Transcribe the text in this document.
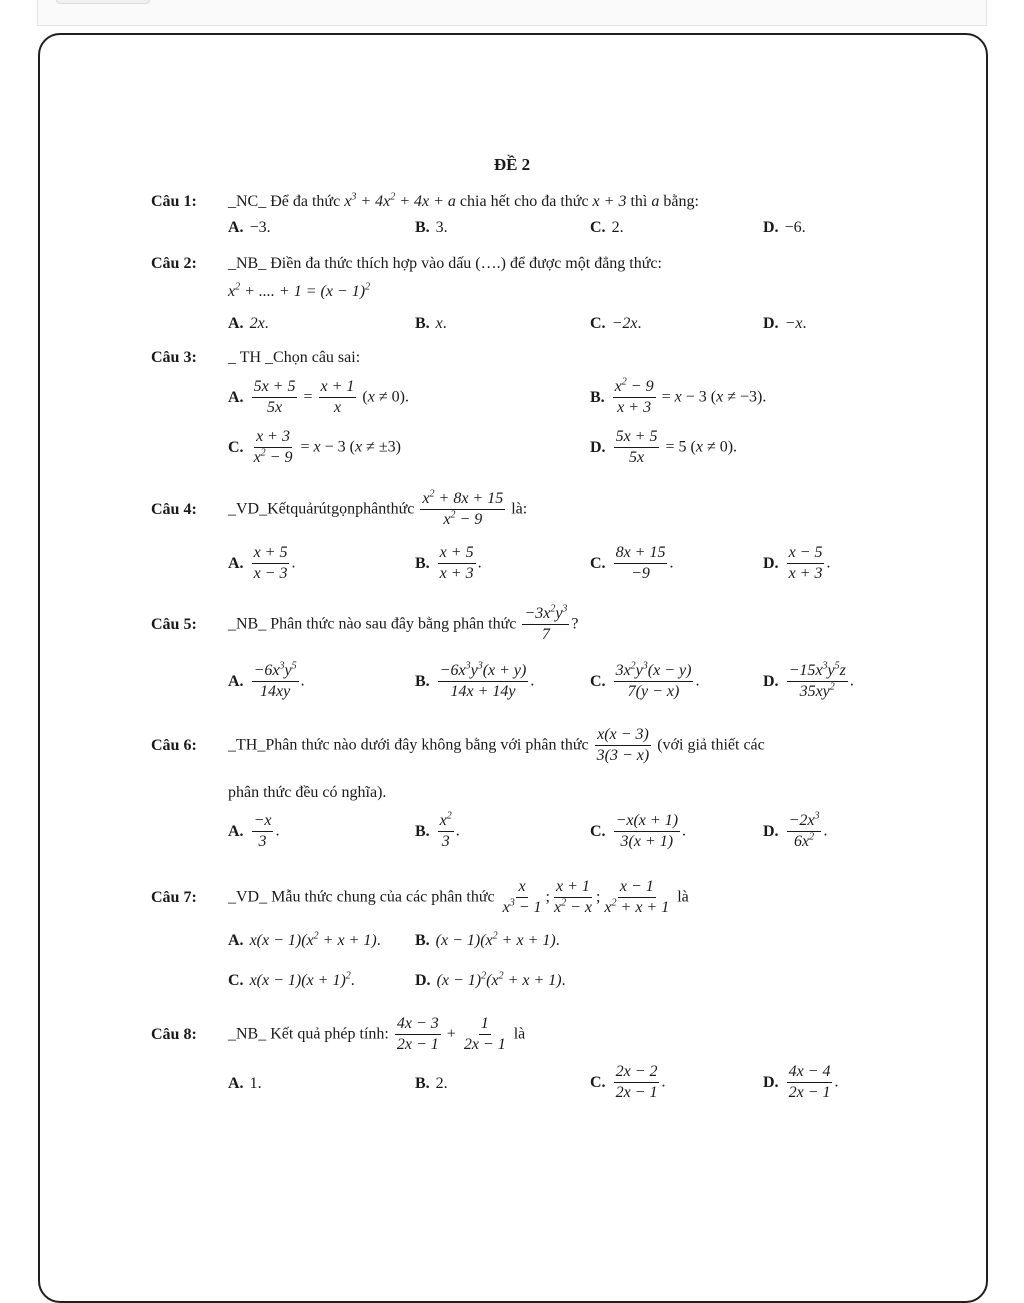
ĐỀ 2
Câu 1: _NC_ Để đa thức $x^3 + 4x^2 + 4x + a$ chia hết cho đa thức x + 3 thì a bằng:
A. −3.	B. 3.	C. 2.	D. −6.
Câu 2: _NB_ Điền đa thức thích hợp vào dấu (….) để được một đẳng thức:
$x^2$ + .... + $1 = (x - 1)^2$
A. 2x.	B. x.	C. −2x.	D. −x.
Câu 3: _ TH _Chọn câu sai:
A. $\frac{5x + 5}{5x} = \frac{x + 1}{x} (x \ne 0)$.	B. $\frac{x^2 - 9}{x + 3} = x - 3$ (x ≠ −3).
C. $\frac{x + 3}{x^2 - 9} = x - 3$ (x ≠ ±3)	D. $\frac{5x + 5}{5x} = 5$ (x ≠ 0).
Câu 4: _VD_Kếtquảrútgọnphânthức $\frac{x^2 + 8x + 15}{x^2 - 9}$ là:
A. $\frac{x + 5}{x - 3}$ .	B. $\frac{x + 5}{x + 3}$ .	C. $\frac{8x + 15}{-9}$ .	D. $\frac{x - 5}{x + 3}$ .
Câu 5: _NB_ Phân thức nào sau đây bằng phân thức $\frac{-3x^2y^3}{7}$ ?
A. $\frac{-6x^3y^5}{14xy}$ .	B. $\frac{-6x^3y^3(x + y)}{14x + 14y}$ .	C. $\frac{3x^2y^3(x - y)}{7(y - x)}$ .	D. $\frac{-15x^3y^5z}{35xy^2}$ .
Câu 6: _TH_Phân thức nào dưới đây không bằng với phân thức $\frac{x(x - 3)}{3(3 - x)}$ (với giả thiết các
phân thức đều có nghĩa).
A. $\frac{-x}{3}$ .	B. $\frac{x^2}{3}$ .	C. $\frac{-x(x + 1)}{3(x + 1)}$ .	D. $\frac{-2x^3}{6x^2}$ .
Câu 7: _VD_ Mẫu thức chung của các phân thức $\frac{x}{x^3 - 1}$ ; $\frac{x + 1}{x^2 - x}$ ; $\frac{x - 1}{x^2 + x + 1}$ là
A. $x(x - 1)(x^2 + x + 1)$. B. $(x - 1)(x^2 + x + 1)$.
C. $x(x - 1)(x + 1)^2$.	D. $(x - 1)^2(x^2 + x + 1)$.
Câu 8: _NB_ Kết quả phép tính: $\frac{4x - 3}{2x - 1} + \frac{1}{2x - 1}$ là
A. 1.	B. 2.	C. $\frac{2x - 2}{2x - 1}$ .	D. $\frac{4x - 4}{2x - 1}$ .
